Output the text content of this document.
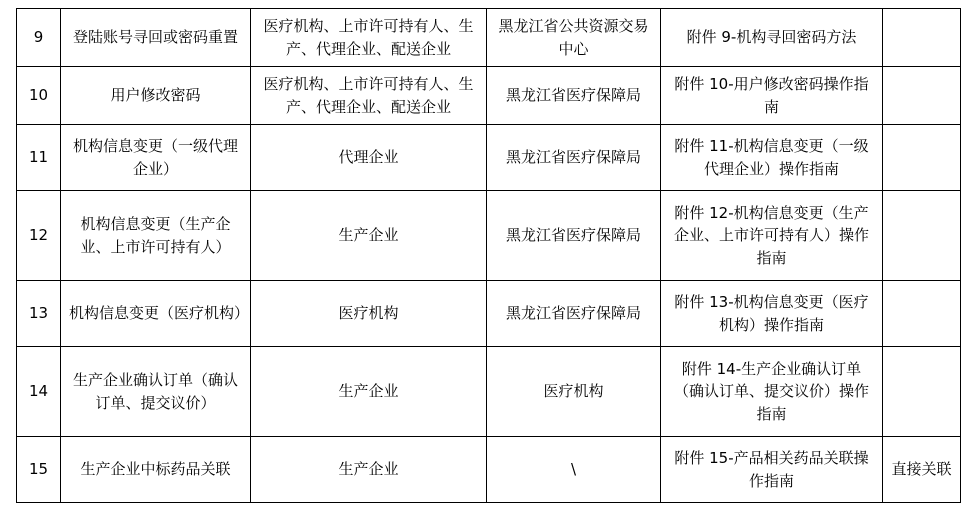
9	登陆账号寻回或密码重置	医疗机构、上市许可持有人、生产、代理企业、配送企业	黑龙江省公共资源交易中心	附件 9-机构寻回密码方法	
10	用户修改密码	医疗机构、上市许可持有人、生产、代理企业、配送企业	黑龙江省医疗保障局	附件 10-用户修改密码操作指南	
11	机构信息变更（一级代理企业）	代理企业	黑龙江省医疗保障局	附件 11-机构信息变更（一级代理企业）操作指南	
12	机构信息变更（生产企业、上市许可持有人）	生产企业	黑龙江省医疗保障局	附件 12-机构信息变更（生产企业、上市许可持有人）操作指南	
13	机构信息变更（医疗机构）	医疗机构	黑龙江省医疗保障局	附件 13-机构信息变更（医疗机构）操作指南	
14	生产企业确认订单（确认订单、提交议价）	生产企业	医疗机构	附件 14-生产企业确认订单（确认订单、提交议价）操作指南	
15	生产企业中标药品关联	生产企业	\	附件 15-产品相关药品关联操作指南	直接关联
